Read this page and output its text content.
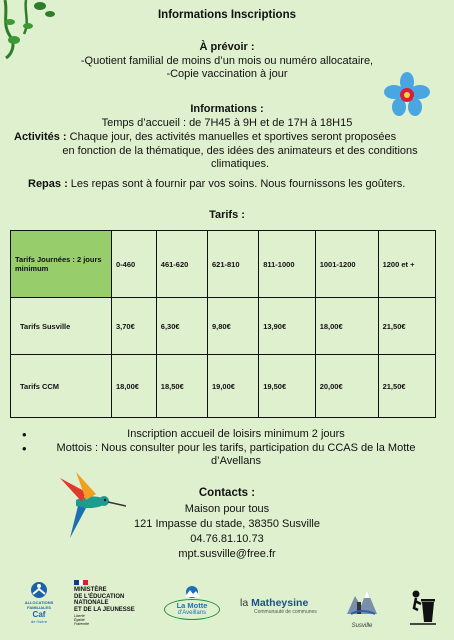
Informations Inscriptions
À prévoir :
-Quotient familial de moins d’un mois ou numéro allocataire,
-Copie vaccination à jour
Informations :
Temps d’accueil : de 7H45 à 9H et de 17H à 18H15
Activités : Chaque jour, des activités manuelles et sportives seront proposées
en fonction de la thématique, des idées des animateurs et des conditions climatiques.
Repas : Les repas sont à fournir par vos soins. Nous fournissons les goûters.
Tarifs :
Tarifs Journées : 2 jours minimum	0-460	461-620	621-810	811-1000	1001-1200	1200 et +
Tarifs Susville	3,70€	6,30€	9,80€	13,90€	18,00€	21,50€
Tarifs CCM	18,00€	18,50€	19,00€	19,50€	20,00€	21,50€
• Inscription accueil de loisirs minimum 2 jours
• Mottois : Nous consulter pour les tarifs, participation du CCAS de la Motte d’Avellans
Contacts :
Maison pour tous
121 Impasse du stade, 38350 Susville
04.76.81.10.73
mpt.susville@free.fr
ALLOCATIONS FAMILIALES
Caf
de l'Isère
MINISTÈRE
DE L'ÉDUCATION
NATIONALE
ET DE LA JEUNESSE
Liberté
Égalité
Fraternité
La Motte
d'Aveillans
la Matheysine
Communauté de communes
Susville
